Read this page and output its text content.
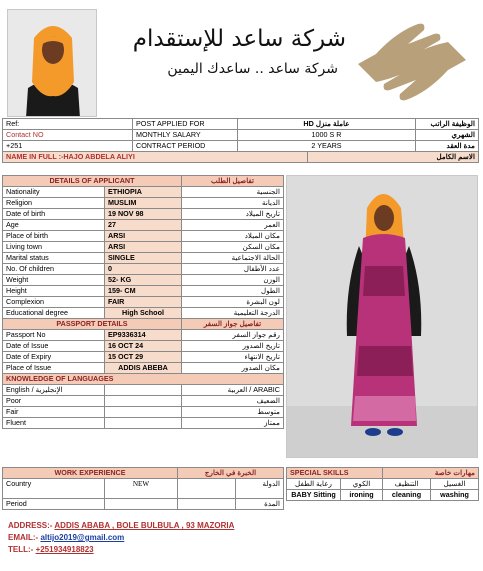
شركة ساعد للإستقدام
شركة ساعد .. ساعدك اليمين
Ref:	POST APPLIED FOR	HD عاملة منزل		الوظيفة الراتب
Contact NO	MONTHLY SALARY	1000 S R		الشهري
+251	CONTRACT PERIOD	2 YEARS		مدة العقد
NAME IN FULL :-HAJO ABDELA ALIYI			الاسم الكامل	
DETAILS OF APPLICANT		تفاصيل الطلب
Nationality	ETHIOPIA	الجنسية
Religion	MUSLIM	الديانة
Date of birth	19 NOV 98	تاريخ الميلاد
Age	27	العمر
Place of birth	ARSI	مكان الميلاد
Living town	ARSI	مكان السكن
Marital status	SINGLE	الحالة الاجتماعية
No. Of children	0	عدد الأطفال
Weight	52- KG	الوزن
Height	159- CM	الطول
Complexion	FAIR	لون البشرة
Educational degree	High School	الدرجة التعليمية
PASSPORT DETAILS		تفاصيل جواز السفر
Passport No	EP9336314	رقم جواز السفر
Date of Issue	16 OCT 24	تاريخ الصدور
Date of Expiry	15 OCT 29	تاريخ الانتهاء
Place of Issue	ADDIS ABEBA	مكان الصدور
KNOWLEDGE OF LANGUAGES		
English / الإنجليزية		ARABIC / العربية
Poor		الضعيف
Fair		متوسط
Fluent		ممتاز
WORK EXPERIENCE		الخبرة في الخارج	
Country	NEW		الدولة
Period			المدة
SPECIAL SKILLS		مهارات خاصة	
رعاية الطفل	الكوي	التنظيف	الغسيل
BABY Sitting	ironing	cleaning	washing
ADDRESS:- ADDIS ABABA , BOLE BULBULA , 93 MAZORIA
EMAIL:- altijo2019@gmail.com
TELL:- +251934918823
